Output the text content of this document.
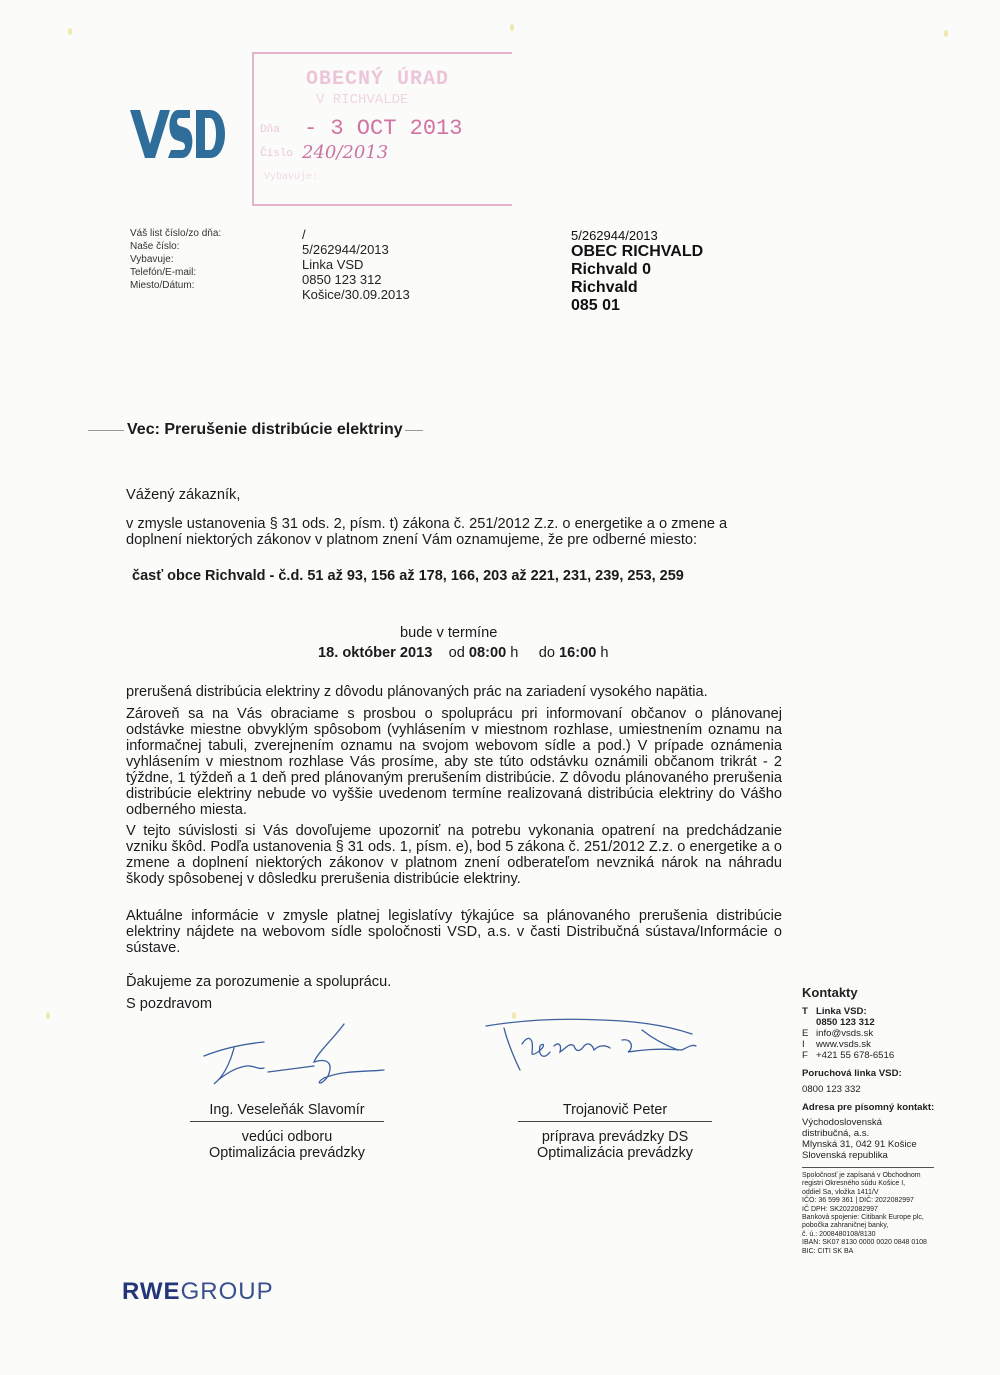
OBECNÝ ÚRAD
V RICHVALDE
Dňa - 3 OCT 2013
Číslo 240/2013
Vybavuje:
Váš list číslo/zo dňa:
Naše číslo:
Vybavuje:
Telefón/E-mail:
Miesto/Dátum:
/
5/262944/2013
Linka VSD
0850 123 312
Košice/30.09.2013
5/262944/2013
OBEC RICHVALD
Richvald 0
Richvald
085 01
Vec: Prerušenie distribúcie elektriny
Vážený zákazník,
v zmysle ustanovenia § 31 ods. 2, písm. t) zákona č. 251/2012 Z.z. o energetike a o zmene a doplnení niektorých zákonov v platnom znení Vám oznamujeme, že pre odberné miesto:
časť obce Richvald - č.d. 51 až 93, 156 až 178, 166, 203 až 221, 231, 239, 253, 259
bude v termíne
18. október 2013 od 08:00 h do 16:00 h
prerušená distribúcia elektriny z dôvodu plánovaných prác na zariadení vysokého napätia.
Zároveň sa na Vás obraciame s prosbou o spoluprácu pri informovaní občanov o plánovanej odstávke miestne obvyklým spôsobom (vyhlásením v miestnom rozhlase, umiestnením oznamu na informačnej tabuli, zverejnením oznamu na svojom webovom sídle a pod.) V prípade oznámenia vyhlásením v miestnom rozhlase Vás prosíme, aby ste túto odstávku oznámili občanom trikrát - 2 týždne, 1 týždeň a 1 deň pred plánovaným prerušením distribúcie. Z dôvodu plánovaného prerušenia distribúcie elektriny nebude vo vyššie uvedenom termíne realizovaná distribúcia elektriny do Vášho odberného miesta.
V tejto súvislosti si Vás dovoľujeme upozorniť na potrebu vykonania opatrení na predchádzanie vzniku škôd. Podľa ustanovenia § 31 ods. 1, písm. e), bod 5 zákona č. 251/2012 Z.z. o energetike a o zmene a doplnení niektorých zákonov v platnom znení odberateľom nevzniká nárok na náhradu škody spôsobenej v dôsledku prerušenia distribúcie elektriny.
Aktuálne informácie v zmysle platnej legislatívy týkajúce sa plánovaného prerušenia distribúcie elektriny nájdete na webovom sídle spoločnosti VSD, a.s. v časti Distribučná sústava/Informácie o sústave.
Ďakujeme za porozumenie a spoluprácu.
S pozdravom
Ing. Veseleňák Slavomír
vedúci odboru
Optimalizácia prevádzky
Trojanovič Peter
príprava prevádzky DS
Optimalizácia prevádzky
Kontakty
T Linka VSD:
0850 123 312
E info@vsds.sk
I	www.vsds.sk
F +421 55 678-6516
Poruchová linka VSD:
0800 123 332
Adresa pre písomný kontakt:
Východoslovenská
distribučná, a.s.
Mlynská 31, 042 91 Košice
Slovenská republika
Spoločnosť je zapísaná v Obchodnom
registri Okresného súdu Košice I,
oddiel Sa, vložka 1411/V
IČO: 36 599 361 | DIČ: 2022082997
IČ DPH: SK2022082997
Banková spojenie: Citibank Europe plc,
pobočka zahraničnej banky,
č. ú.: 2008480108/8130
IBAN: SK07 8130 0000 0020 0848 0108
BIC: CITI SK BA
RWEGROUP
